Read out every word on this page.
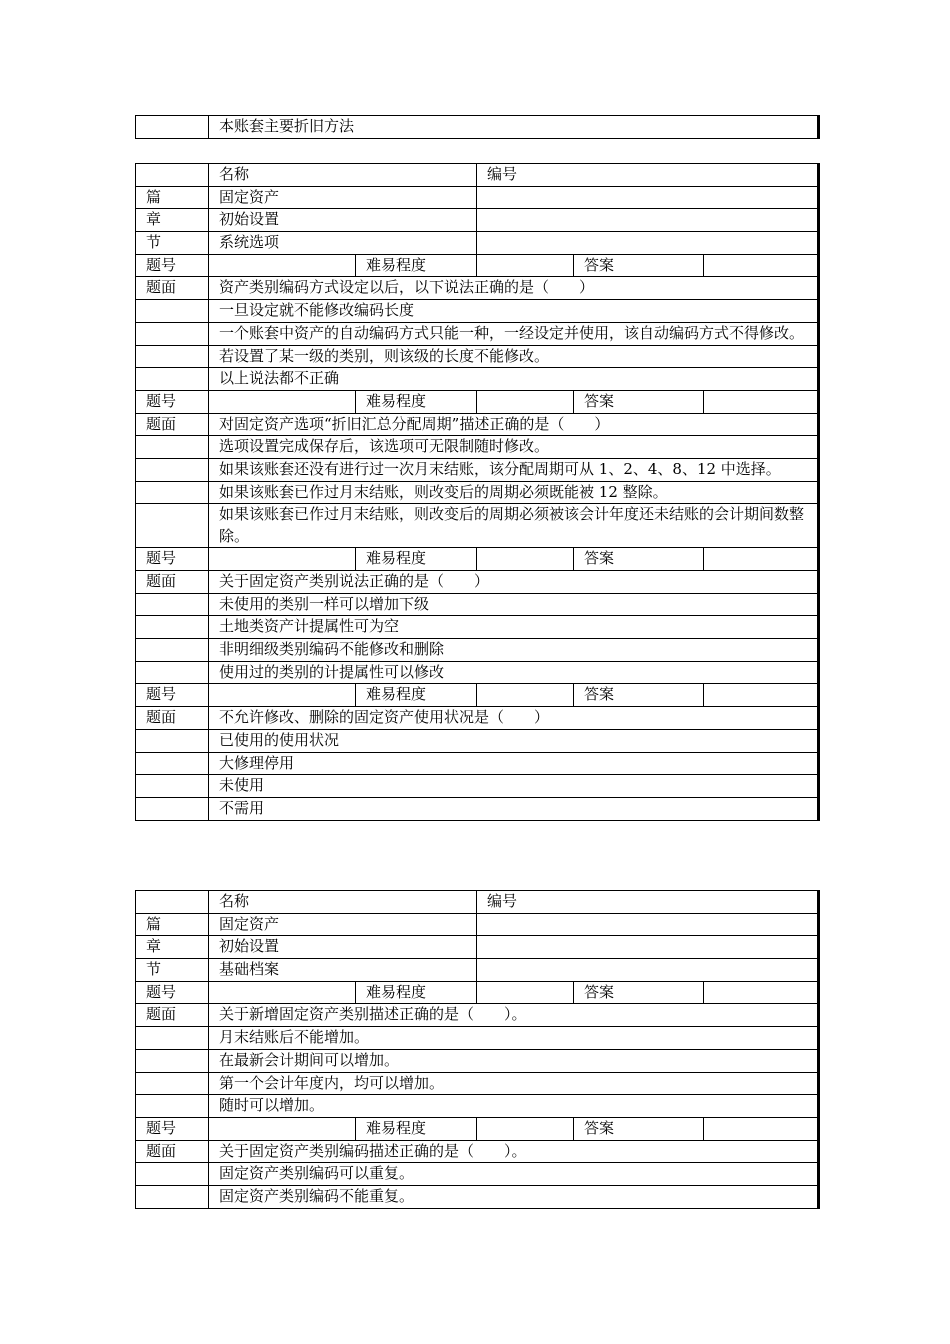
	本账套主要折旧方法
	名称		编号		
篇	固定资产				
章	初始设置				
节	系统选项				
题号		难易程度		答案	
题面	资产类别编码方式设定以后，以下说法正确的是（　　）				
	一旦设定就不能修改编码长度				
	一个账套中资产的自动编码方式只能一种，一经设定并使用，该自动编码方式不得修改。				
	若设置了某一级的类别，则该级的长度不能修改。				
	以上说法都不正确				
题号		难易程度		答案	
题面	对固定资产选项“折旧汇总分配周期”描述正确的是（　　）				
	选项设置完成保存后，该选项可无限制随时修改。				
	如果该账套还没有进行过一次月末结账，该分配周期可从 1、2、4、8、12 中选择。				
	如果该账套已作过月末结账，则改变后的周期必须既能被 12 整除。				
	如果该账套已作过月末结账，则改变后的周期必须被该会计年度还未结账的会计期间数整除。				
题号		难易程度		答案	
题面	关于固定资产类别说法正确的是（　　）				
	未使用的类别一样可以增加下级				
	土地类资产计提属性可为空				
	非明细级类别编码不能修改和删除				
	使用过的类别的计提属性可以修改				
题号		难易程度		答案	
题面	不允许修改、删除的固定资产使用状况是（　　）				
	已使用的使用状况				
	大修理停用				
	未使用				
	不需用				
	名称		编号		
篇	固定资产				
章	初始设置				
节	基础档案				
题号		难易程度		答案	
题面	关于新增固定资产类别描述正确的是（　　）。				
	月末结账后不能增加。				
	在最新会计期间可以增加。				
	第一个会计年度内，均可以增加。				
	随时可以增加。				
题号		难易程度		答案	
题面	关于固定资产类别编码描述正确的是（　　）。				
	固定资产类别编码可以重复。				
	固定资产类别编码不能重复。				
